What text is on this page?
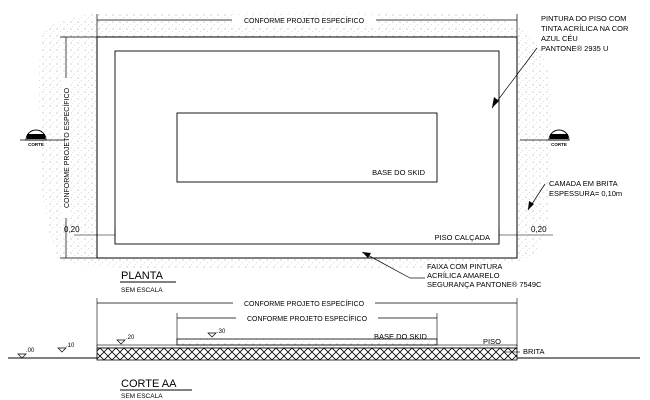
CONFORME PROJETO ESPECÍFICO
CONFORME PROJETO ESPECÍFICO
CORTE	CORTE
PINTURA DO PISO COM
TINTA ACRÍLICA NA COR
AZUL CÉU
PANTONE® 2935 U
BASE DO SKID
CAMADA EM BRITA
ESPESSURA= 0,10m
0,20	0,20
PISO CALÇADA
FAIXA COM PINTURA
ACRÍLICA AMARELO
SEGURANÇA PANTONE® 7549C
PLANTA
SEM ESCALA
CONFORME PROJETO ESPECÍFICO
CONFORME PROJETO ESPECÍFICO
.00
.10
.20
.30	BASE DO SKID
PISO
BRITA
CORTE AA
SEM ESCALA
